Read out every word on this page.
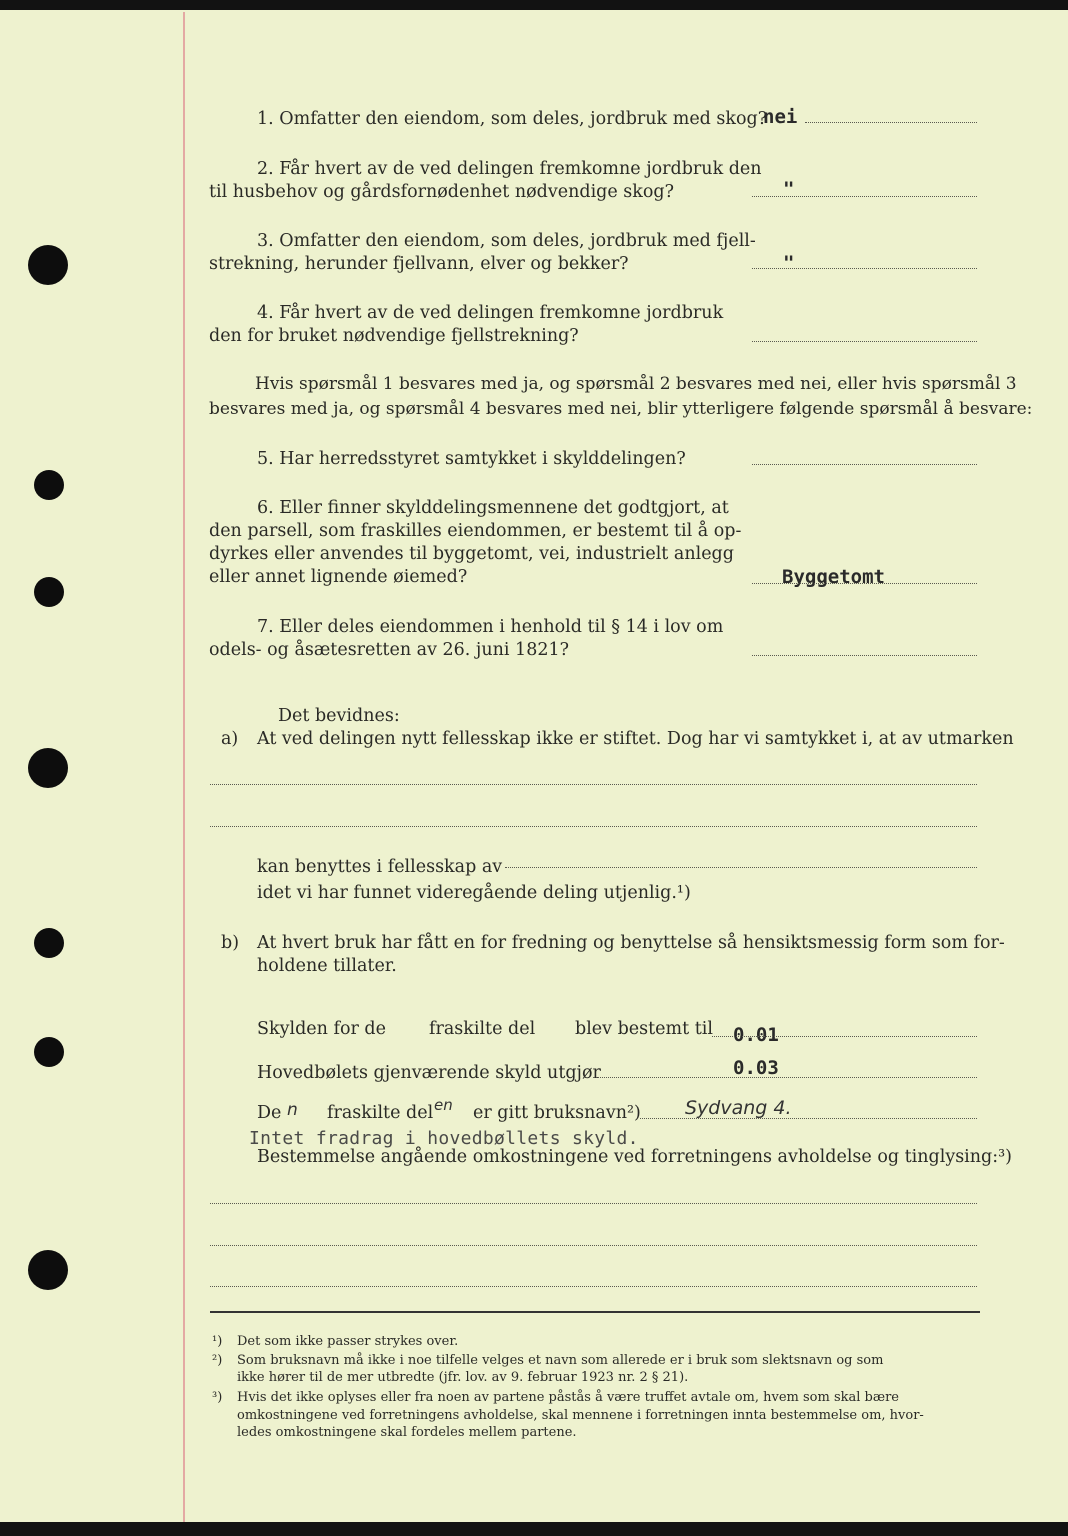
1. Omfatter den eiendom, som deles, jordbruk med skog?
nei
2. Får hvert av de ved delingen fremkomne jordbruk den
til husbehov og gårdsfornødenhet nødvendige skog?	"
3. Omfatter den eiendom, som deles, jordbruk med fjell-
strekning, herunder fjellvann, elver og bekker?	"
4. Får hvert av de ved delingen fremkomne jordbruk
den for bruket nødvendige fjellstrekning?
Hvis spørsmål 1 besvares med ja, og spørsmål 2 besvares med nei, eller hvis spørsmål 3
besvares med ja, og spørsmål 4 besvares med nei, blir ytterligere følgende spørsmål å besvare:
5. Har herredsstyret samtykket i skylddelingen?
6. Eller finner skylddelingsmennene det godtgjort, at
den parsell, som fraskilles eiendommen, er bestemt til å op-
dyrkes eller anvendes til byggetomt, vei, industrielt anlegg
eller annet lignende øiemed?	Byggetomt
7. Eller deles eiendommen i henhold til § 14 i lov om
odels- og åsætesretten av 26. juni 1821?
Det bevidnes:
a) At ved delingen nytt fellesskap ikke er stiftet. Dog har vi samtykket i, at av utmarken
kan benyttes i fellesskap av
idet vi har funnet videregående deling utjenlig.¹)
b) At hvert bruk har fått en for fredning og benyttelse så hensiktsmessig form som for-
holdene tillater.
Skylden for de fraskilte del blev bestemt til 0.01
Hovedbølets gjenværende skyld utgjør	0.03
De n fraskilte del en er gitt bruksnavn²) Sydvang 4.
Intet fradrag i hovedbøllets skyld.
Bestemmelse angående omkostningene ved forretningens avholdelse og tinglysing:³)
¹) Det som ikke passer strykes over.
²) Som bruksnavn må ikke i noe tilfelle velges et navn som allerede er i bruk som slektsnavn og som
ikke hører til de mer utbredte (jfr. lov. av 9. februar 1923 nr. 2 § 21).
³) Hvis det ikke oplyses eller fra noen av partene påstås å være truffet avtale om, hvem som skal bære
omkostningene ved forretningens avholdelse, skal mennene i forretningen innta bestemmelse om, hvor-
ledes omkostningene skal fordeles mellem partene.
